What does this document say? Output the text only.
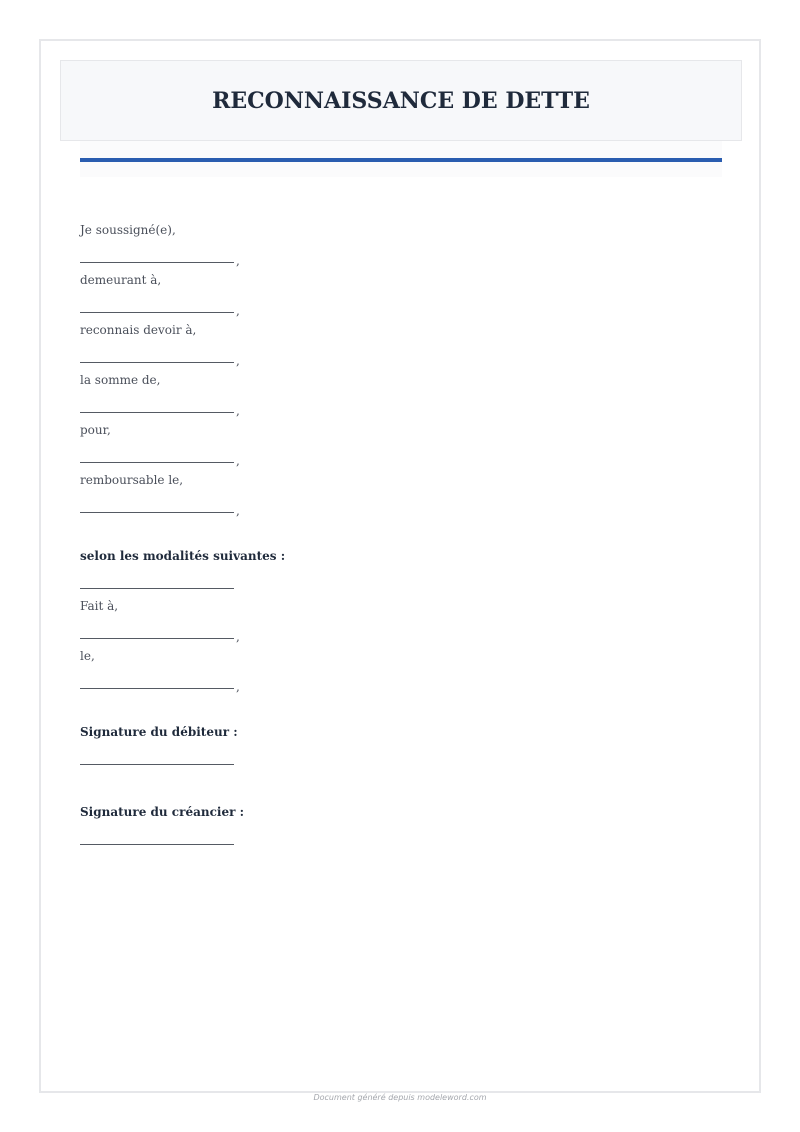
RECONNAISSANCE DE DETTE
Je soussigné(e),
,
demeurant à,
,
reconnais devoir à,
,
la somme de,
,
pour,
,
remboursable le,
,
selon les modalités suivantes :
Fait à,
,
le,
,
Signature du débiteur :
Signature du créancier :
Document généré depuis modeleword.com
